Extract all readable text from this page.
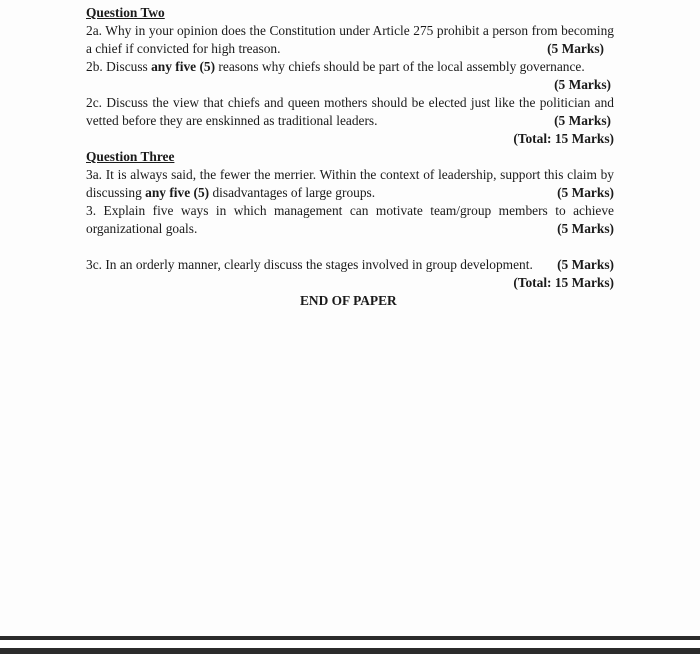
Question Two
2a. Why in your opinion does the Constitution under Article 275 prohibit a person from becoming
a chief if convicted for high treason.	(5 Marks)
2b. Discuss any five (5) reasons why chiefs should be part of the local assembly governance.
(5 Marks)
2c. Discuss the view that chiefs and queen mothers should be elected just like the politician and
vetted before they are enskinned as traditional leaders.	(5 Marks)
(Total: 15 Marks)
Question Three
3a. It is always said, the fewer the merrier. Within the context of leadership, support this claim by
discussing any five (5) disadvantages of large groups.	(5 Marks)
3. Explain five ways in which management can motivate team/group members to achieve
organizational goals.	(5 Marks)
3c. In an orderly manner, clearly discuss the stages involved in group development.	(5 Marks)
(Total: 15 Marks)
END OF PAPER
